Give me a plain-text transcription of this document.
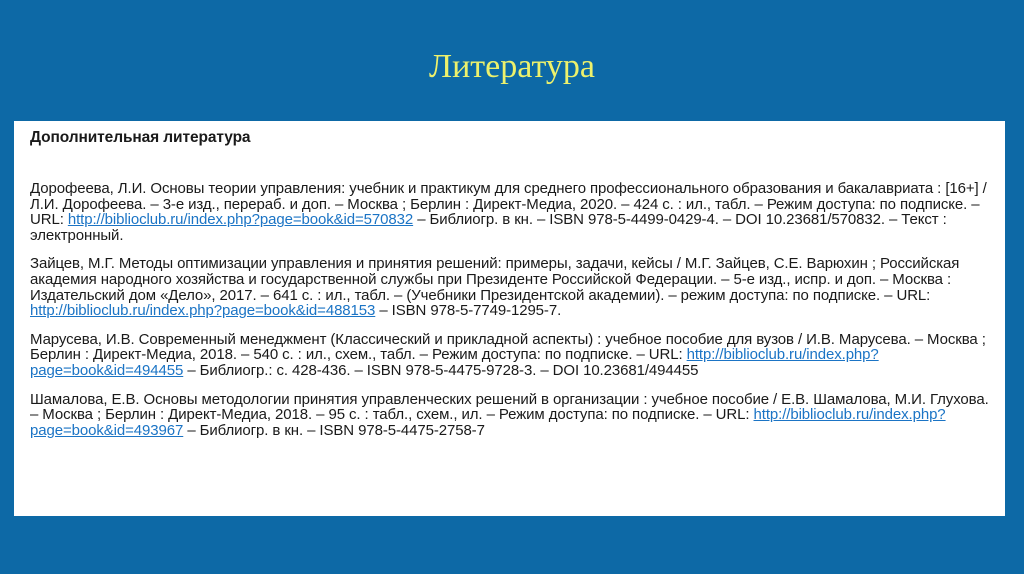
Литература
Дополнительная литература

Дорофеева, Л.И. Основы теории управления: учебник и практикум для среднего профессионального образования и бакалавриата : [16+] / Л.И. Дорофеева. – 3-е изд., перераб. и доп. – Москва ; Берлин : Директ-Медиа, 2020. – 424 с. : ил., табл. – Режим доступа: по подписке. – URL: http://biblioclub.ru/index.php?page=book&id=570832 – Библиогр. в кн. – ISBN 978-5-4499-0429-4. – DOI 10.23681/570832. – Текст : электронный.

Зайцев, М.Г. Методы оптимизации управления и принятия решений: примеры, задачи, кейсы / М.Г. Зайцев, С.Е. Варюхин ; Российская академия народного хозяйства и государственной службы при Президенте Российской Федерации. – 5-е изд., испр. и доп. – Москва : Издательский дом «Дело», 2017. – 641 с. : ил., табл. – (Учебники Президентской академии). – режим доступа: по подписке. – URL: http://biblioclub.ru/index.php?page=book&id=488153 – ISBN 978-5-7749-1295-7.

Марусева, И.В. Современный менеджмент (Классический и прикладной аспекты) : учебное пособие для вузов / И.В. Марусева. – Москва ; Берлин : Директ-Медиа, 2018. – 540 с. : ил., схем., табл. – Режим доступа: по подписке. – URL: http://biblioclub.ru/index.php?page=book&id=494455 – Библиогр.: с. 428-436. – ISBN 978-5-4475-9728-3. – DOI 10.23681/494455

Шамалова, Е.В. Основы методологии принятия управленческих решений в организации : учебное пособие / Е.В. Шамалова, М.И. Глухова. – Москва ; Берлин : Директ-Медиа, 2018. – 95 с. : табл., схем., ил. – Режим доступа: по подписке. – URL: http://biblioclub.ru/index.php?page=book&id=493967 – Библиогр. в кн. – ISBN 978-5-4475-2758-7
